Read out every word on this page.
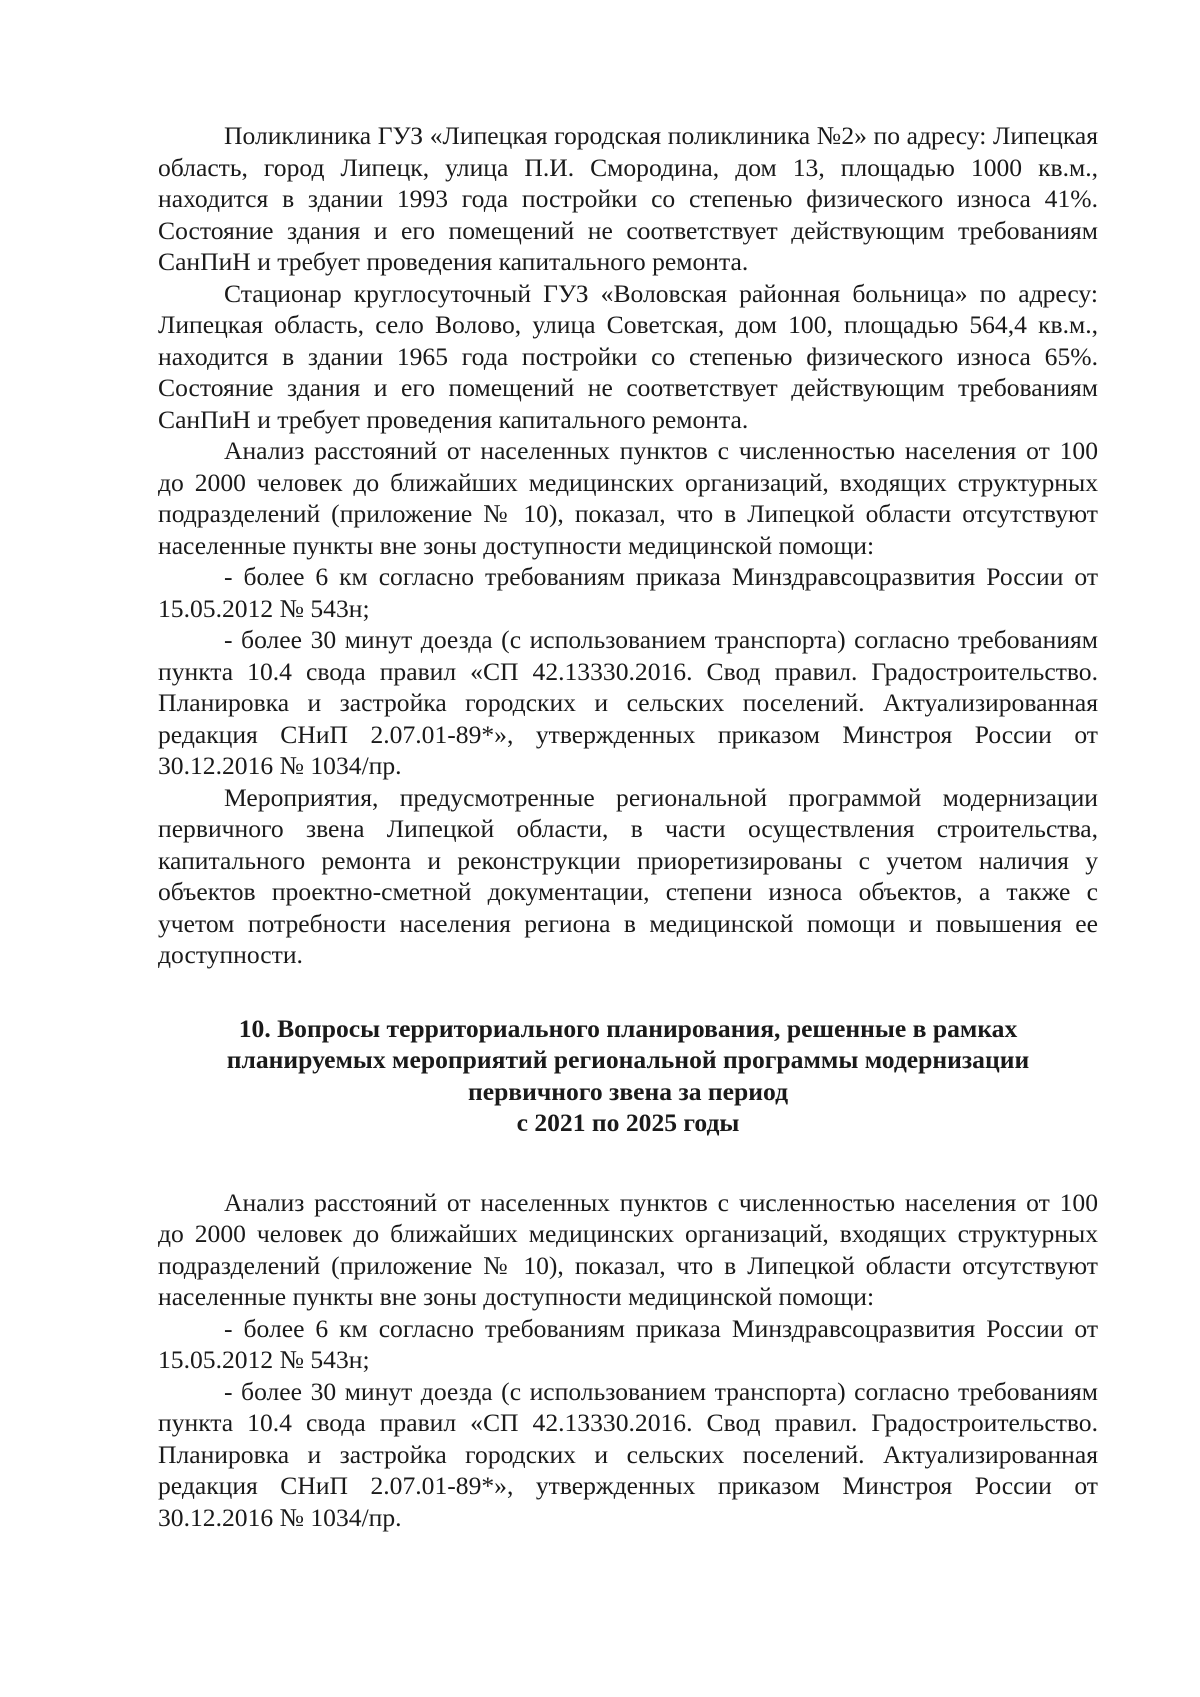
Поликлиника ГУЗ «Липецкая городская поликлиника №2» по адресу: Липецкая область, город Липецк, улица П.И. Смородина, дом 13, площадью 1000 кв.м., находится в здании 1993 года постройки со степенью физического износа 41%. Состояние здания и его помещений не соответствует действующим требованиям СанПиН и требует проведения капитального ремонта.

Стационар круглосуточный ГУЗ «Воловская районная больница» по адресу: Липецкая область, село Волово, улица Советская, дом 100, площадью 564,4 кв.м., находится в здании 1965 года постройки со степенью физического износа 65%. Состояние здания и его помещений не соответствует действующим требованиям СанПиН и требует проведения капитального ремонта.

Анализ расстояний от населенных пунктов с численностью населения от 100 до 2000 человек до ближайших медицинских организаций, входящих структурных подразделений (приложение № 10), показал, что в Липецкой области отсутствуют населенные пункты вне зоны доступности медицинской помощи:

- более 6 км согласно требованиям приказа Минздравсоцразвития России от 15.05.2012 № 543н;

- более 30 минут доезда (с использованием транспорта) согласно требованиям пункта 10.4 свода правил «СП 42.13330.2016. Свод правил. Градостроительство. Планировка и застройка городских и сельских поселений. Актуализированная редакция СНиП 2.07.01-89*», утвержденных приказом Минстроя России от 30.12.2016 № 1034/пр.

Мероприятия, предусмотренные региональной программой модернизации первичного звена Липецкой области, в части осуществления строительства, капитального ремонта и реконструкции приоретизированы с учетом наличия у объектов проектно-сметной документации, степени износа объектов, а также с учетом потребности населения региона в медицинской помощи и повышения ее доступности.

10. Вопросы территориального планирования, решенные в рамках
планируемых мероприятий региональной программы модернизации
первичного звена за период
с 2021 по 2025 годы

Анализ расстояний от населенных пунктов с численностью населения от 100 до 2000 человек до ближайших медицинских организаций, входящих структурных подразделений (приложение № 10), показал, что в Липецкой области отсутствуют населенные пункты вне зоны доступности медицинской помощи:

- более 6 км согласно требованиям приказа Минздравсоцразвития России от 15.05.2012 № 543н;

- более 30 минут доезда (с использованием транспорта) согласно требованиям пункта 10.4 свода правил «СП 42.13330.2016. Свод правил. Градостроительство. Планировка и застройка городских и сельских поселений. Актуализированная редакция СНиП 2.07.01-89*», утвержденных приказом Минстроя России от 30.12.2016 № 1034/пр.
